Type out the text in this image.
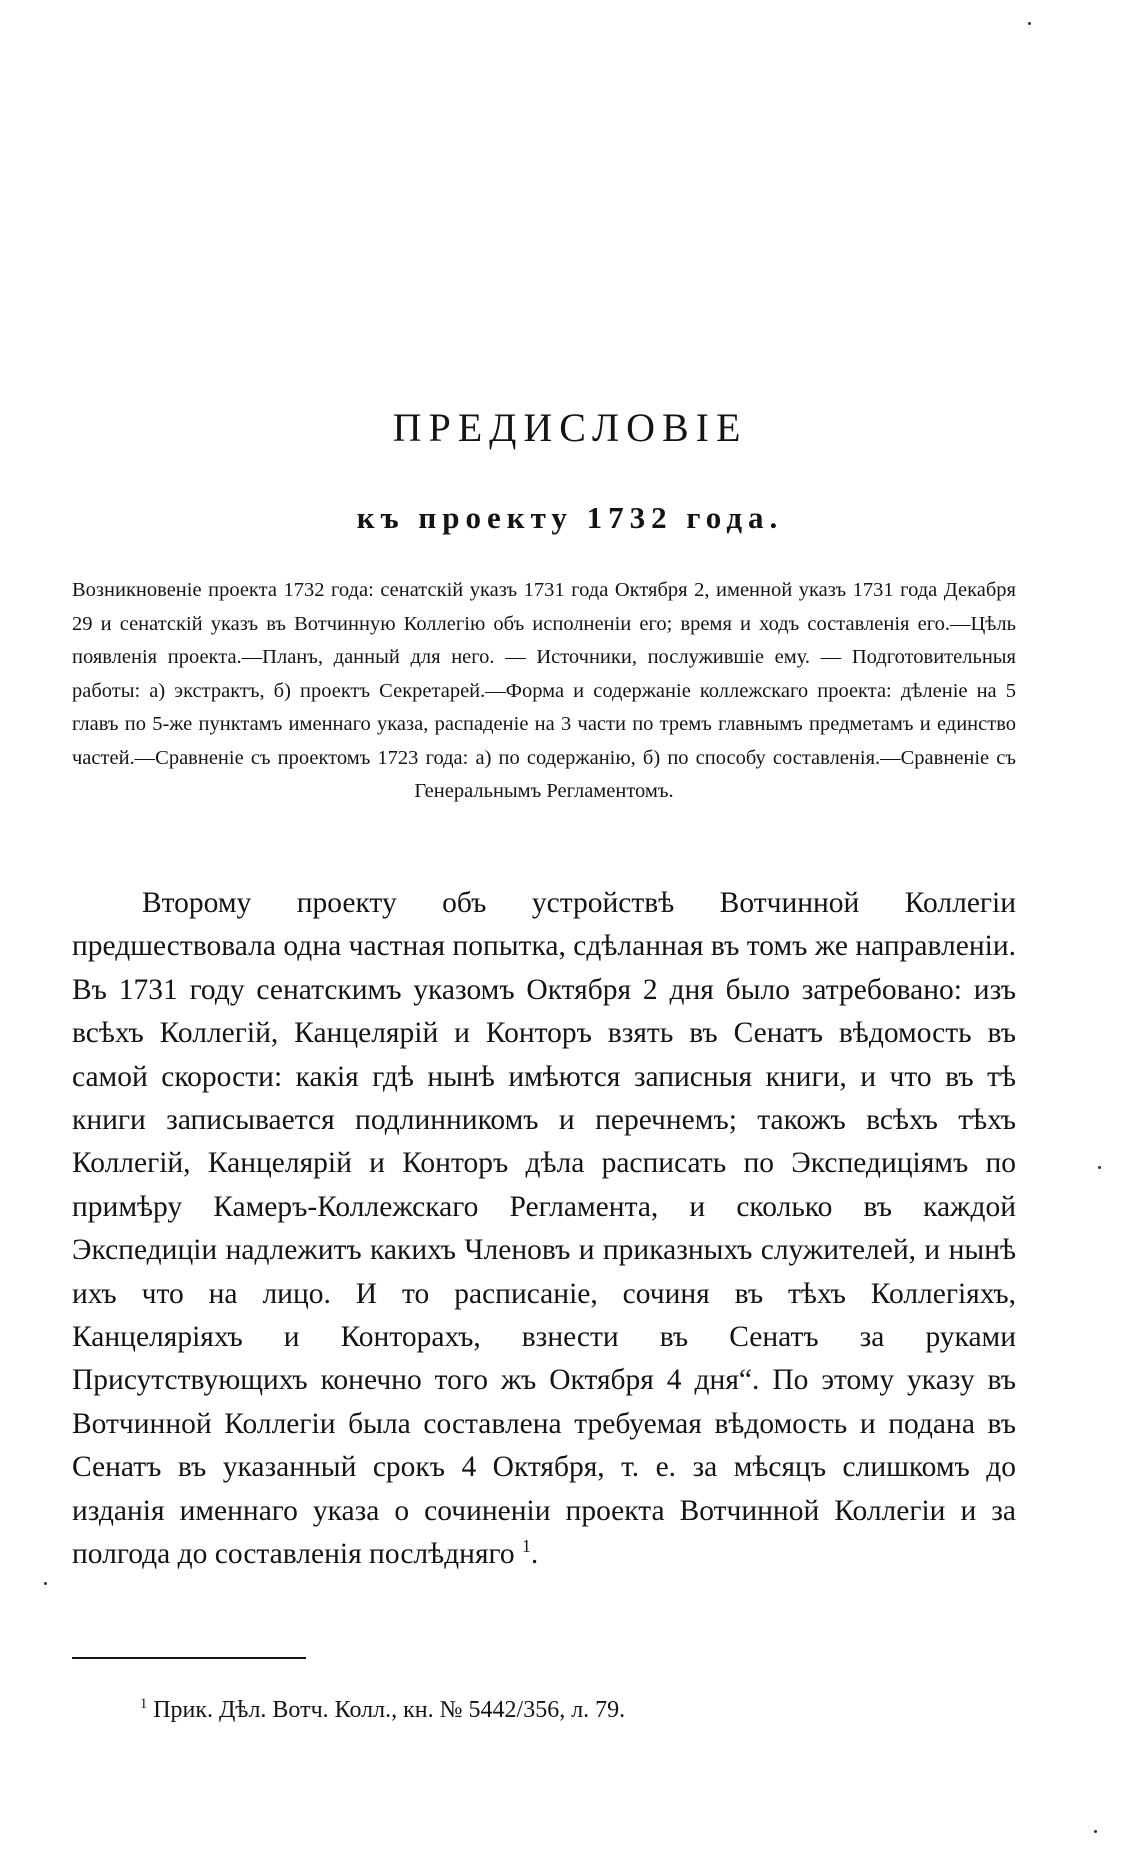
ПРЕДИСЛОВІЕ
къ проекту 1732 года.

Возникновеніе проекта 1732 года: сенатскій указъ 1731 года Октября 2, именной указъ 1731 года Декабря 29 и сенатскій указъ въ Вотчинную Коллегію объ исполненіи его; время и ходъ составленія его.—Цѣль появленія проекта.—Планъ, данный для него. — Источники, послужившіе ему. — Подготовительныя работы: а) экстрактъ, б) проектъ Секретарей.—Форма и содержаніе коллежскаго проекта: дѣленіе на 5 главъ по 5-же пунктамъ именнаго указа, распаденіе на 3 части по тремъ главнымъ предметамъ и единство частей.—Сравненіе съ проектомъ 1723 года: а) по содержанію, б) по способу составленія.—Сравненіе съ Генеральнымъ Регламентомъ.

Второму проекту объ устройствѣ Вотчинной Коллегіи предшествовала одна частная попытка, сдѣланная въ томъ же направленіи. Въ 1731 году сенатскимъ указомъ Октября 2 дня было затребовано: изъ всѣхъ Коллегій, Канцелярій и Конторъ взять въ Сенатъ вѣдомость въ самой скорости: какія гдѣ нынѣ имѣются записныя книги, и что въ тѣ книги записывается подлинникомъ и перечнемъ; такожъ всѣхъ тѣхъ Коллегій, Канцелярій и Конторъ дѣла расписать по Экспедиціямъ по примѣру Камеръ-Коллежскаго Регламента, и сколько въ каждой Экспедиціи надлежитъ какихъ Членовъ и приказныхъ служителей, и нынѣ ихъ что на лицо. И то расписаніе, сочиня въ тѣхъ Коллегіяхъ, Канцеляріяхъ и Конторахъ, взнести въ Сенатъ за руками Присутствующихъ конечно того жъ Октября 4 дня“. По этому указу въ Вотчинной Коллегіи была составлена требуемая вѣдомость и подана въ Сенатъ въ указанный срокъ 4 Октября, т. е. за мѣсяцъ слишкомъ до изданія именнаго указа о сочиненіи проекта Вотчинной Коллегіи и за полгода до составленія послѣдняго $^1$.

$^1$ Прик. Дѣл. Вотч. Колл., кн. № 5442/356, л. 79.
